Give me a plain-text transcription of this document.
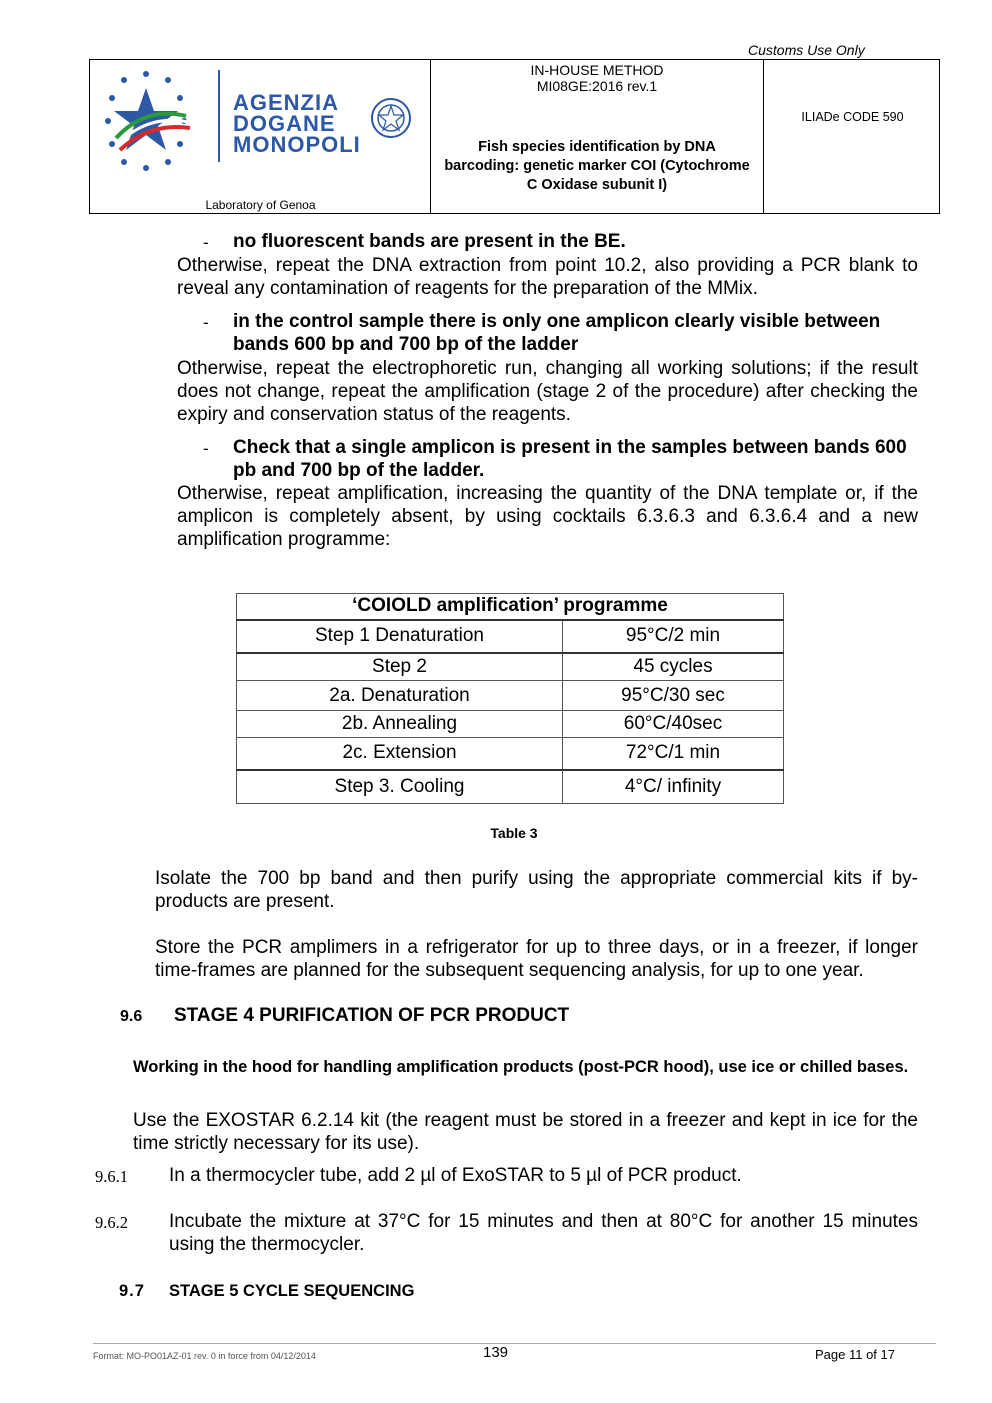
Customs Use Only
AGENZIA
DOGANE
MONOPOLI
Laboratory of Genoa
IN-HOUSE METHOD
MI08GE:2016 rev.1
Fish species identification by DNA barcoding: genetic marker COI (Cytochrome C Oxidase subunit I)
ILIADe CODE 590
- no fluorescent bands are present in the BE.
Otherwise, repeat the DNA extraction from point 10.2, also providing a PCR blank to reveal any contamination of reagents for the preparation of the MMix.
- in the control sample there is only one amplicon clearly visible between bands 600 bp and 700 bp of the ladder
Otherwise, repeat the electrophoretic run, changing all working solutions; if the result does not change, repeat the amplification (stage 2 of the procedure) after checking the expiry and conservation status of the reagents.
- Check that a single amplicon is present in the samples between bands 600 pb and 700 bp of the ladder.
Otherwise, repeat amplification, increasing the quantity of the DNA template or, if the amplicon is completely absent, by using cocktails 6.3.6.3 and 6.3.6.4 and a new amplification programme:
‘COIOLD amplification’ programme	
Step 1 Denaturation	95°C/2 min
Step 2	45 cycles
2a. Denaturation	95°C/30 sec
2b. Annealing	60°C/40sec
2c. Extension	72°C/1 min
Step 3. Cooling	4°C/ infinity
Table 3
Isolate the 700 bp band and then purify using the appropriate commercial kits if by-products are present.
Store the PCR amplimers in a refrigerator for up to three days, or in a freezer, if longer time-frames are planned for the subsequent sequencing analysis, for up to one year.
9.6 STAGE 4 PURIFICATION OF PCR PRODUCT
Working in the hood for handling amplification products (post-PCR hood), use ice or chilled bases.
Use the EXOSTAR 6.2.14 kit (the reagent must be stored in a freezer and kept in ice for the time strictly necessary for its use).
9.6.1 In a thermocycler tube, add 2 µl of ExoSTAR to 5 µl of PCR product.
9.6.2 Incubate the mixture at 37°C for 15 minutes and then at 80°C for another 15 minutes using the thermocycler.
9.7 STAGE 5 CYCLE SEQUENCING
Format: MO-PO01AZ-01 rev. 0 in force from 04/12/2014	139	Page 11 of 17
